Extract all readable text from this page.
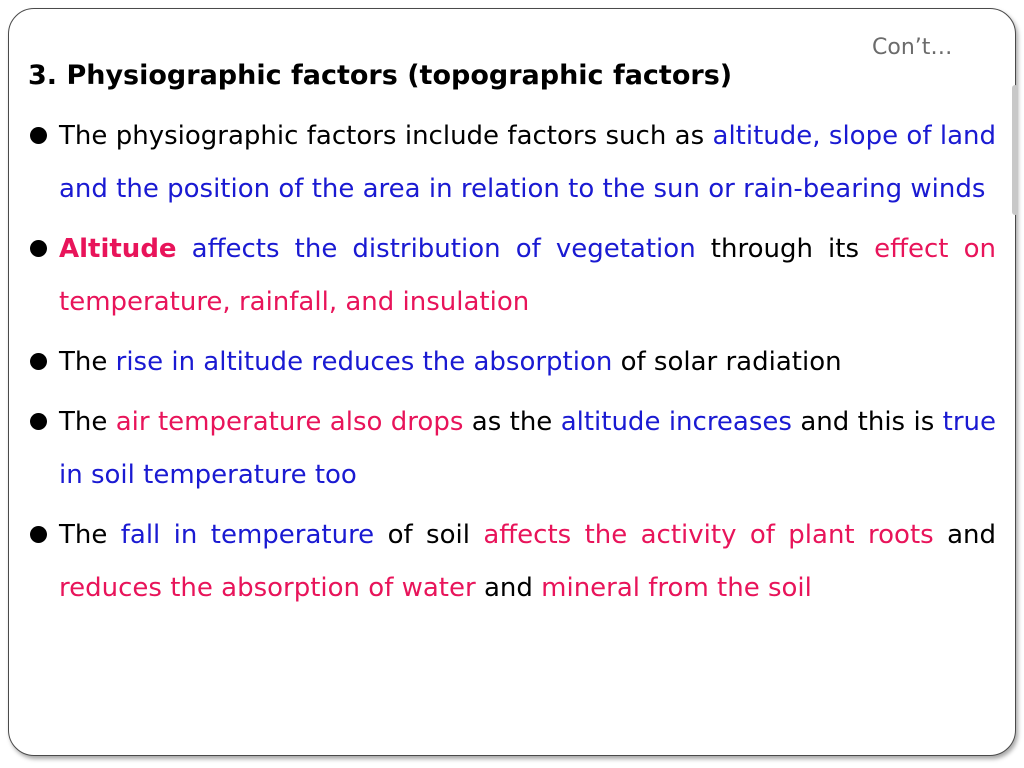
Con’t…
3. Physiographic factors (topographic factors)
The physiographic factors include factors such as altitude, slope of land and the position of the area in relation to the sun or rain-bearing winds
Altitude affects the distribution of vegetation through its effect on temperature, rainfall, and insulation
The rise in altitude reduces the absorption of solar radiation
The air temperature also drops as the altitude increases and this is true in soil temperature too
The fall in temperature of soil affects the activity of plant roots and reduces the absorption of water and mineral from the soil
